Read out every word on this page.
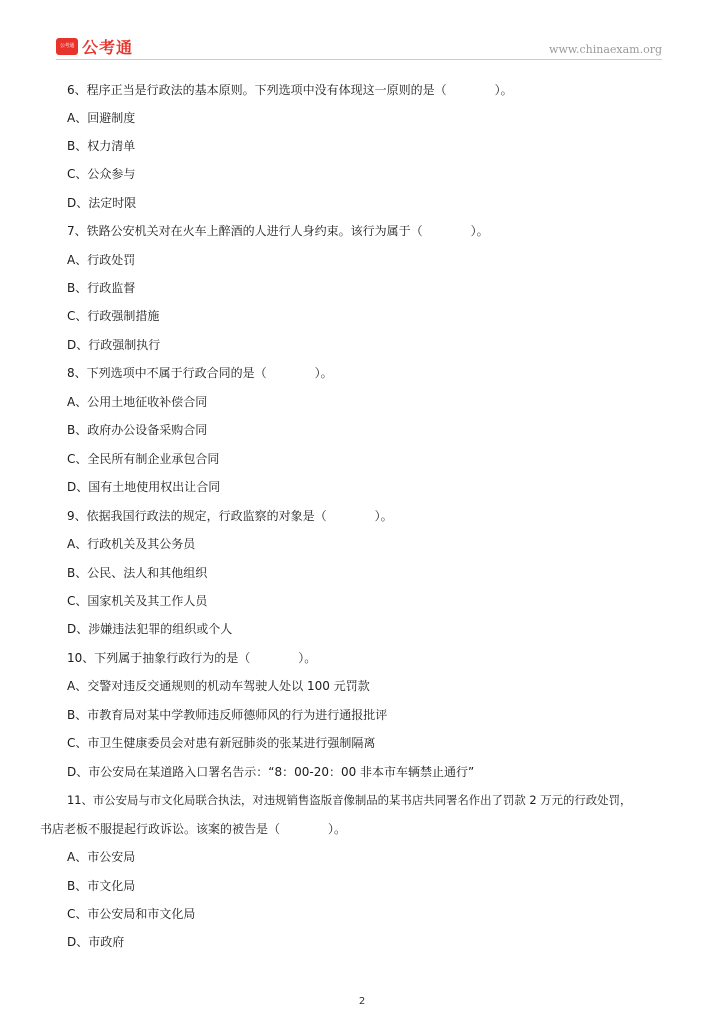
公考通 公考通	www.chinaexam.org
6、程序正当是行政法的基本原则。下列选项中没有体现这一原则的是（　　　　）。
A、回避制度
B、权力清单
C、公众参与
D、法定时限
7、铁路公安机关对在火车上醉酒的人进行人身约束。该行为属于（　　　　）。
A、行政处罚
B、行政监督
C、行政强制措施
D、行政强制执行
8、下列选项中不属于行政合同的是（　　　　）。
A、公用土地征收补偿合同
B、政府办公设备采购合同
C、全民所有制企业承包合同
D、国有土地使用权出让合同
9、依据我国行政法的规定，行政监察的对象是（　　　　）。
A、行政机关及其公务员
B、公民、法人和其他组织
C、国家机关及其工作人员
D、涉嫌违法犯罪的组织或个人
10、下列属于抽象行政行为的是（　　　　）。
A、交警对违反交通规则的机动车驾驶人处以 100 元罚款
B、市教育局对某中学教师违反师德师风的行为进行通报批评
C、市卫生健康委员会对患有新冠肺炎的张某进行强制隔离
D、市公安局在某道路入口署名告示：“8：00-20：00 非本市车辆禁止通行”
11、市公安局与市文化局联合执法，对违规销售盗版音像制品的某书店共同署名作出了罚款 2 万元的行政处罚，
书店老板不服提起行政诉讼。该案的被告是（　　　　）。
A、市公安局
B、市文化局
C、市公安局和市文化局
D、市政府
2
